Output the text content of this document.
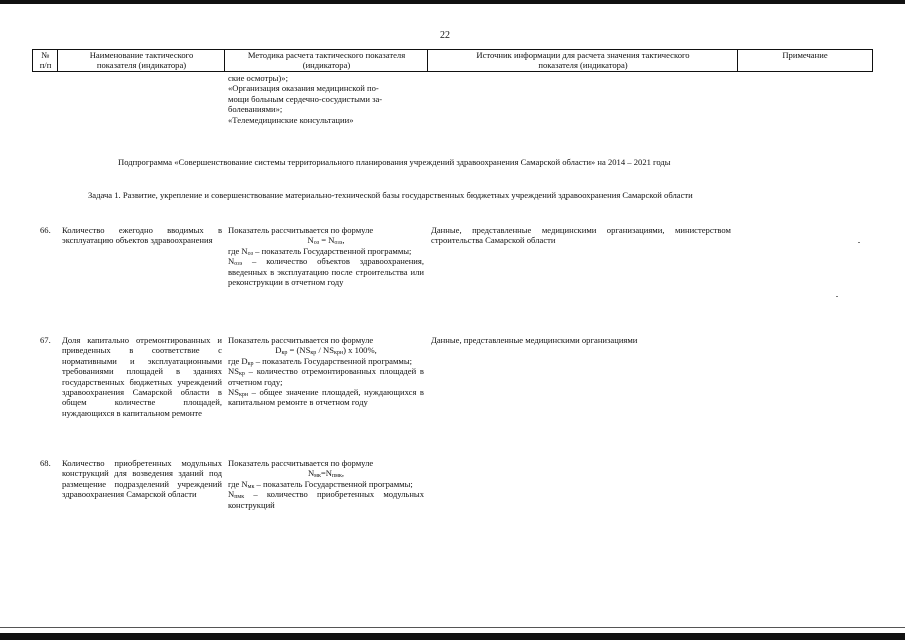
22
№
п/п
Наименование тактического
показателя (индикатора)
Методика расчета тактического показателя
(индикатора)
Источник информации для расчета значения тактического
показателя (индикатора)
Примечание
ские осмотры)»;
«Организация оказания медицинской по-
мощи больным сердечно-сосудистыми за-
болеваниями»;
«Телемедицинские консультации»
Подпрограмма «Совершенствование системы территориального планирования учреждений здравоохранения Самарской области» на 2014 – 2021 годы
Задача 1. Развитие, укрепление и совершенствование материально-технической базы государственных бюджетных учреждений здравоохранения Самарской области
66. Количество ежегодно вводимых в эксплуатацию объектов здравоохранения
Показатель рассчитывается по формуле
$N_{оз} = N_{озэ}$,
где $N_{оз}$ – показатель Государственной программы;
$N_{озэ}$ – количество объектов здравоохранения, введенных в эксплуатацию после строительства или реконструкции в отчетном году
Данные, представленные медицинскими организациями, министерством строительства Самарской области
67. Доля капитально отремонтированных и приведенных в соответствие с нормативными и эксплуатационными требованиями площадей в зданиях государственных бюджетных учреждений здравоохранения Самарской области в общем количестве площадей, нуждающихся в капитальном ремонте
Показатель рассчитывается по формуле
$D_{кр} = (NS_{кр} / NS_{крн})$ x 100%,
где $D_{кр}$ – показатель Государственной программы;
$NS_{кр}$ – количество отремонтированных площадей в отчетном году;
$NS_{крн}$ – общее значение площадей, нуждающихся в капитальном ремонте в отчетном году
Данные, представленные медицинскими организациями
68. Количество приобретенных модульных конструкций для возведения зданий под размещение подразделений учреждений здравоохранения Самарской области
Показатель рассчитывается по формуле
$N_{мк}=N_{пмк}$,
где $N_{мк}$ – показатель Государственной программы;
$N_{пмк}$ – количество приобретенных модульных конструкций
